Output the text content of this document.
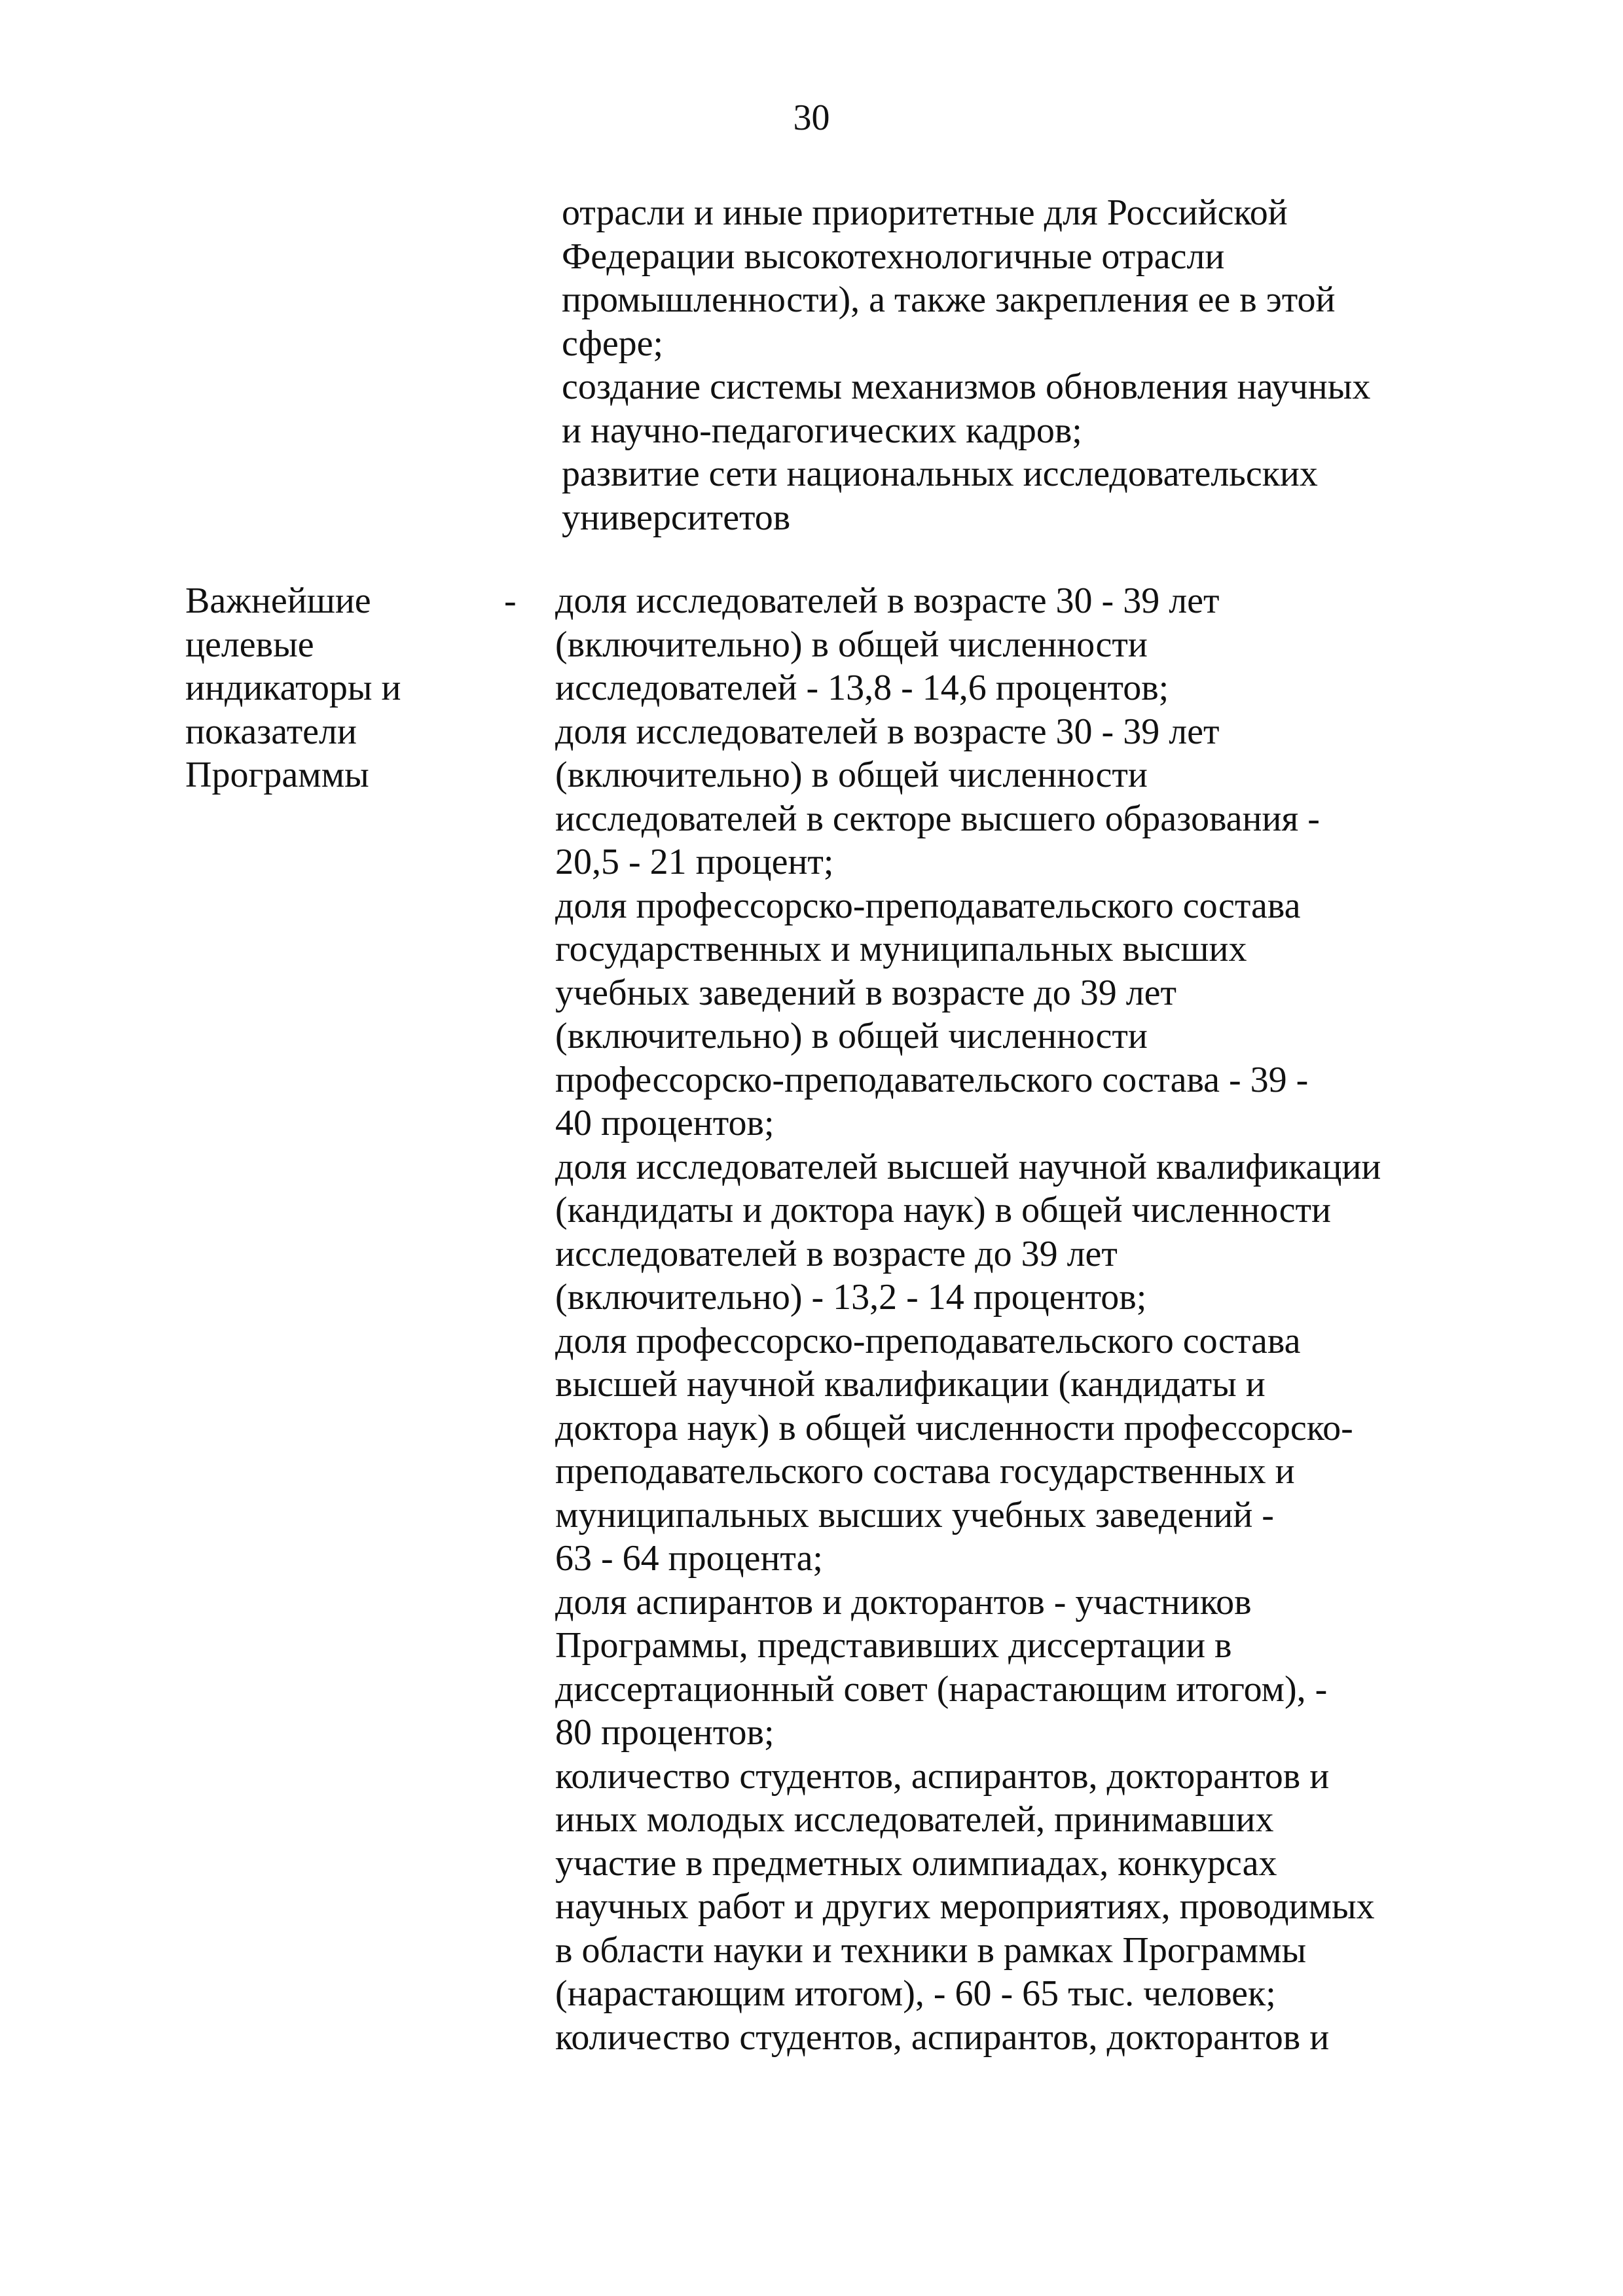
30
отрасли и иные приоритетные для Российской
Федерации высокотехнологичные отрасли
промышленности), а также закрепления ее в этой
сфере;
создание системы механизмов обновления научных
и научно-педагогических кадров;
развитие сети национальных исследовательских
университетов
Важнейшие
целевые
индикаторы и
показатели
Программы
- доля исследователей в возрасте 30 - 39 лет
(включительно) в общей численности
исследователей - 13,8 - 14,6 процентов;
доля исследователей в возрасте 30 - 39 лет
(включительно) в общей численности
исследователей в секторе высшего образования -
20,5 - 21 процент;
доля профессорско-преподавательского состава
государственных и муниципальных высших
учебных заведений в возрасте до 39 лет
(включительно) в общей численности
профессорско-преподавательского состава - 39 -
40 процентов;
доля исследователей высшей научной квалификации
(кандидаты и доктора наук) в общей численности
исследователей в возрасте до 39 лет
(включительно) - 13,2 - 14 процентов;
доля профессорско-преподавательского состава
высшей научной квалификации (кандидаты и
доктора наук) в общей численности профессорско-
преподавательского состава государственных и
муниципальных высших учебных заведений -
63 - 64 процента;
доля аспирантов и докторантов - участников
Программы, представивших диссертации в
диссертационный совет (нарастающим итогом), -
80 процентов;
количество студентов, аспирантов, докторантов и
иных молодых исследователей, принимавших
участие в предметных олимпиадах, конкурсах
научных работ и других мероприятиях, проводимых
в области науки и техники в рамках Программы
(нарастающим итогом), - 60 - 65 тыс. человек;
количество студентов, аспирантов, докторантов и
